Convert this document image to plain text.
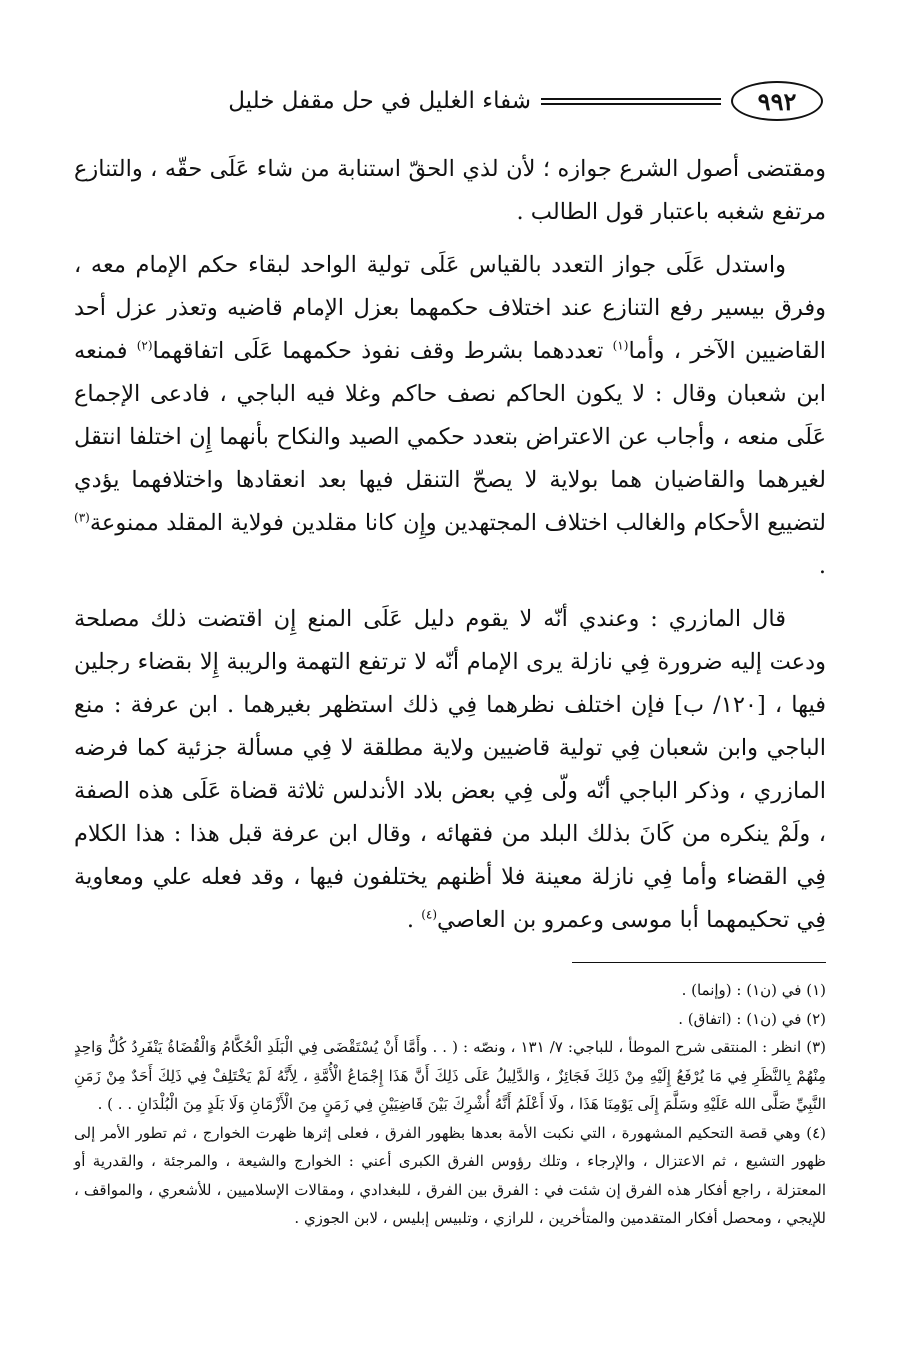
٩٩٢
شفاء الغليل في حل مقفل خليل

ومقتضى أصول الشرع جوازه ؛ لأن لذي الحقّ استنابة من شاء عَلَى حقّه ، والتنازع مرتفع شغبه باعتبار قول الطالب .

واستدل عَلَى جواز التعدد بالقياس عَلَى تولية الواحد لبقاء حكم الإمام معه ، وفرق بيسير رفع التنازع عند اختلاف حكمهما بعزل الإمام قاضيه وتعذر عزل أحد القاضيين الآخر ، وأما$^{(١)}$ تعددهما بشرط وقف نفوذ حكمهما عَلَى اتفاقهما$^{(٢)}$ فمنعه ابن شعبان وقال : لا يكون الحاكم نصف حاكم وغلا فيه الباجي ، فادعى الإجماع عَلَى منعه ، وأجاب عن الاعتراض بتعدد حكمي الصيد والنكاح بأنهما إِن اختلفا انتقل لغيرهما والقاضيان هما بولاية لا يصحّ التنقل فيها بعد انعقادها واختلافهما يؤدي لتضييع الأحكام والغالب اختلاف المجتهدين وإِن كانا مقلدين فولاية المقلد ممنوعة$^{(٣)}$ .

قال المازري : وعندي أنّه لا يقوم دليل عَلَى المنع إِن اقتضت ذلك مصلحة ودعت إليه ضرورة فِي نازلة يرى الإمام أنّه لا ترتفع التهمة والريبة إِلا بقضاء رجلين فيها ، [١٢٠/ ب] فإن اختلف نظرهما فِي ذلك استظهر بغيرهما . ابن عرفة : منع الباجي وابن شعبان فِي تولية قاضيين ولاية مطلقة لا فِي مسألة جزئية كما فرضه المازري ، وذكر الباجي أنّه ولّى فِي بعض بلاد الأندلس ثلاثة قضاة عَلَى هذه الصفة ، ولَمْ ينكره من كَانَ بذلك البلد من فقهائه ، وقال ابن عرفة قبل هذا : هذا الكلام فِي القضاء وأما فِي نازلة معينة فلا أظنهم يختلفون فيها ، وقد فعله علي ومعاوية فِي تحكيمهما أبا موسى وعمرو بن العاصي$^{(٤)}$ .

(١) في (ن١) : (وإنما) .

(٢) في (ن١) : (اتفاق) .

(٣) انظر : المنتقى شرح الموطأ ، للباجي: ٧/ ١٣١ ، ونصّه : ( . . وأَمَّا أَنْ يُسْتَقْضَى فِي الْبَلَدِ الْحُكَّامُ وَالْقُضَاةُ يَنْفَرِدُ كُلُّ وَاحِدٍ مِنْهُمْ بِالنَّظَرِ فِي مَا يُرْفَعُ إِلَيْهِ مِنْ ذَلِكَ فَجَائِزٌ ، وَالدَّلِيلُ عَلَى ذَلِكَ أَنَّ هَذَا إِجْمَاعُ الْأُمَّةِ ، لِأَنَّهُ لَمْ يَخْتَلِفْ فِي ذَلِكَ أَحَدٌ مِنْ زَمَنِ النَّبِيِّ صَلَّى الله عَلَيْهِ وسَلَّمَ إِلَى يَوْمِنَا هَذَا ، ولَا أَعْلَمُ أَنَّهُ أُشْرِكَ بَيْنَ قَاضِيَيْنِ فِي زَمَنٍ مِنَ الْأَزْمَانِ وَلَا بَلَدٍ مِنَ الْبُلْدَانِ . . ) .

(٤) وهي قصة التحكيم المشهورة ، التي نكبت الأمة بعدها بظهور الفرق ، فعلى إثرها ظهرت الخوارج ، ثم تطور الأمر إلى ظهور التشيع ، ثم الاعتزال ، والإرجاء ، وتلك رؤوس الفرق الكبرى أعني : الخوارج والشيعة ، والمرجئة ، والقدرية أو المعتزلة ، راجع أفكار هذه الفرق إن شئت في : الفرق بين الفرق ، للبغدادي ، ومقالات الإسلاميين ، للأشعري ، والمواقف ، للإيجي ، ومحصل أفكار المتقدمين والمتأخرين ، للرازي ، وتلبيس إبليس ، لابن الجوزي .
